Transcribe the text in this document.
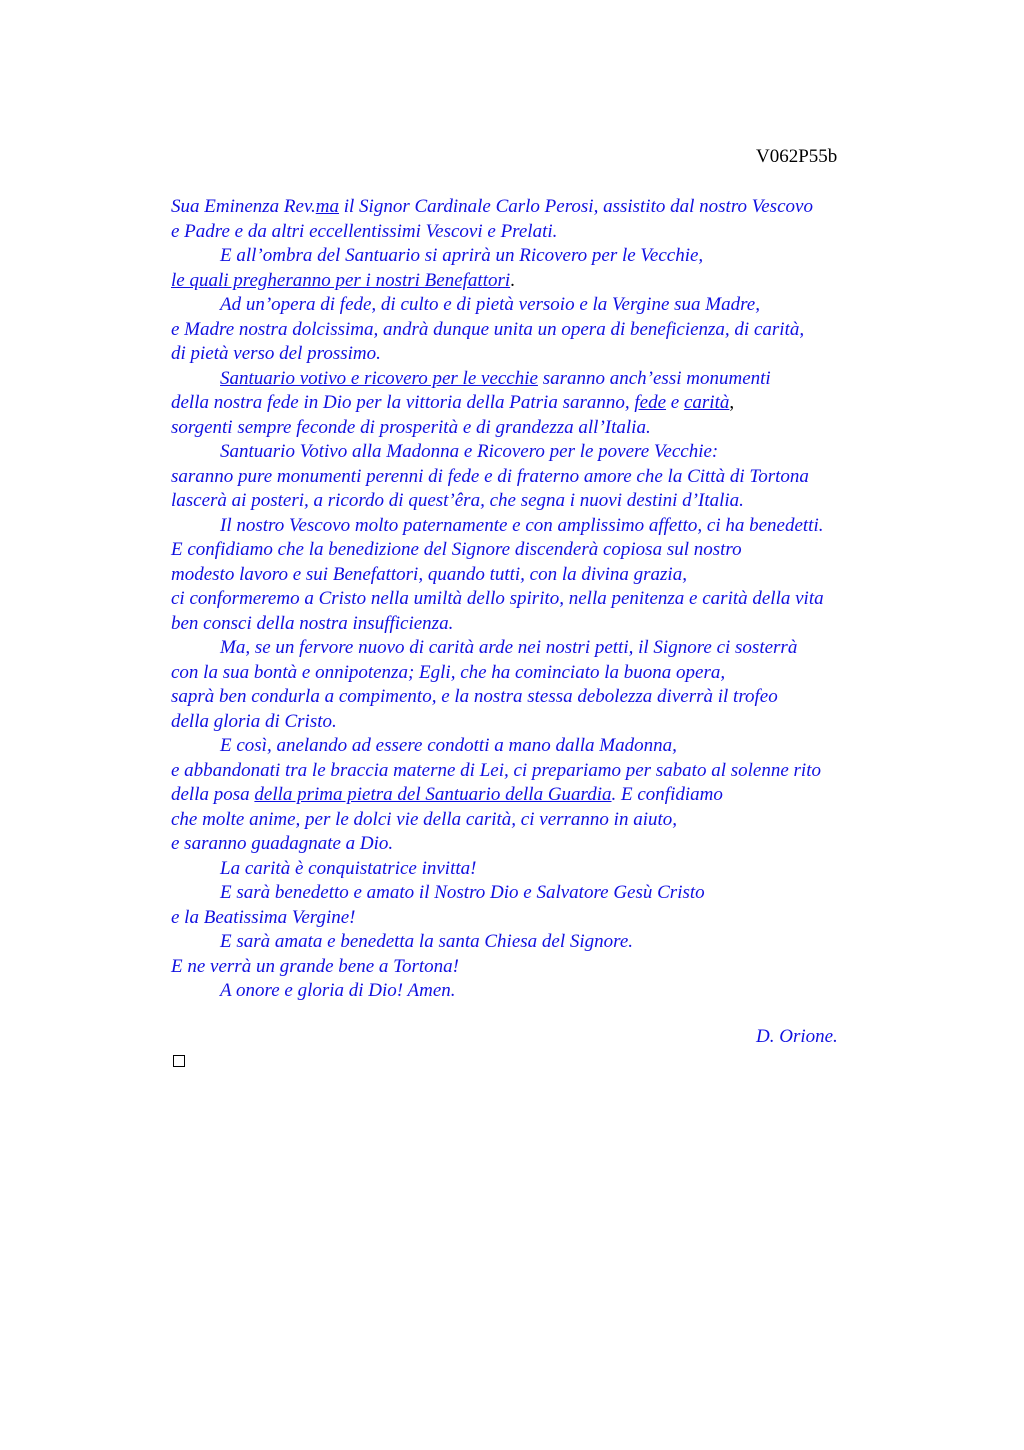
V062P55b
Sua Eminenza Rev.ma il Signor Cardinale Carlo Perosi, assistito dal nostro Vescovo
e Padre e da altri eccellentissimi Vescovi e Prelati.
E all’ombra del Santuario si aprirà un Ricovero per le Vecchie,
le quali pregheranno per i nostri Benefattori.
Ad un’opera di fede, di culto e di pietà versoio e la Vergine sua Madre,
e Madre nostra dolcissima, andrà dunque unita un opera di beneficienza, di carità,
di pietà verso del prossimo.
Santuario votivo e ricovero per le vecchie saranno anch’essi monumenti
della nostra fede in Dio per la vittoria della Patria saranno, fede e carità,
sorgenti sempre feconde di prosperità e di grandezza all’Italia.
Santuario Votivo alla Madonna e Ricovero per le povere Vecchie:
saranno pure monumenti perenni di fede e di fraterno amore che la Città di Tortona
lascerà ai posteri, a ricordo di quest’êra, che segna i nuovi destini d’Italia.
Il nostro Vescovo molto paternamente e con amplissimo affetto, ci ha benedetti.
E confidiamo che la benedizione del Signore discenderà copiosa sul nostro
modesto lavoro e sui Benefattori, quando tutti, con la divina grazia,
ci conformeremo a Cristo nella umiltà dello spirito, nella penitenza e carità della vita
ben consci della nostra insufficienza.
Ma, se un fervore nuovo di carità arde nei nostri petti, il Signore ci sosterrà
con la sua bontà e onnipotenza; Egli, che ha cominciato la buona opera,
saprà ben condurla a compimento, e la nostra stessa debolezza diverrà il trofeo
della gloria di Cristo.
E così, anelando ad essere condotti a mano dalla Madonna,
e abbandonati tra le braccia materne di Lei, ci prepariamo per sabato al solenne rito
della posa della prima pietra del Santuario della Guardia. E confidiamo
che molte anime, per le dolci vie della carità, ci verranno in aiuto,
e saranno guadagnate a Dio.
La carità è conquistatrice invitta!
E sarà benedetto e amato il Nostro Dio e Salvatore Gesù Cristo
e la Beatissima Vergine!
E sarà amata e benedetta la santa Chiesa del Signore.
E ne verrà un grande bene a Tortona!
A onore e gloria di Dio! Amen.
D. Orione.
